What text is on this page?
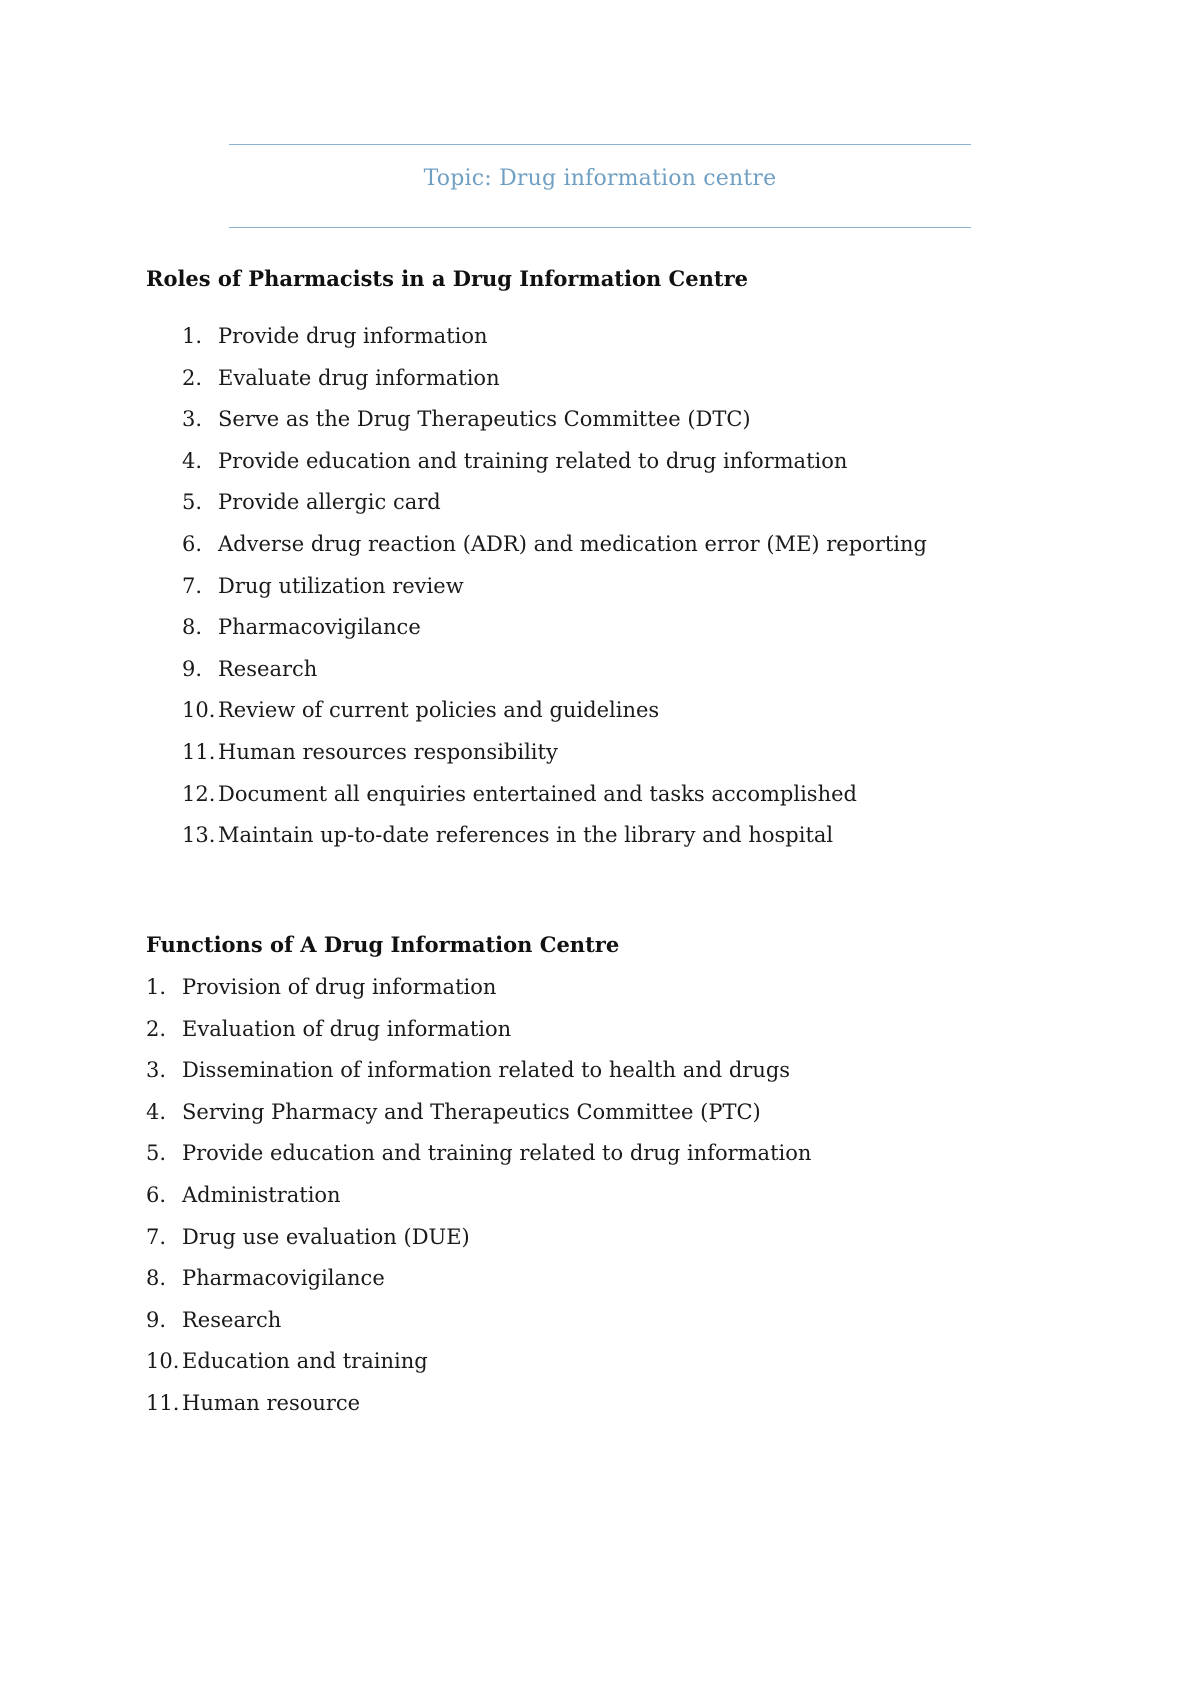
Topic: Drug information centre
Roles of Pharmacists in a Drug Information Centre
1. Provide drug information
2. Evaluate drug information
3. Serve as the Drug Therapeutics Committee (DTC)
4. Provide education and training related to drug information
5. Provide allergic card
6. Adverse drug reaction (ADR) and medication error (ME) reporting
7. Drug utilization review
8. Pharmacovigilance
9. Research
10. Review of current policies and guidelines
11. Human resources responsibility
12. Document all enquiries entertained and tasks accomplished
13. Maintain up-to-date references in the library and hospital
Functions of A Drug Information Centre
1. Provision of drug information
2. Evaluation of drug information
3. Dissemination of information related to health and drugs
4. Serving Pharmacy and Therapeutics Committee (PTC)
5. Provide education and training related to drug information
6. Administration
7. Drug use evaluation (DUE)
8. Pharmacovigilance
9. Research
10. Education and training
11. Human resource
